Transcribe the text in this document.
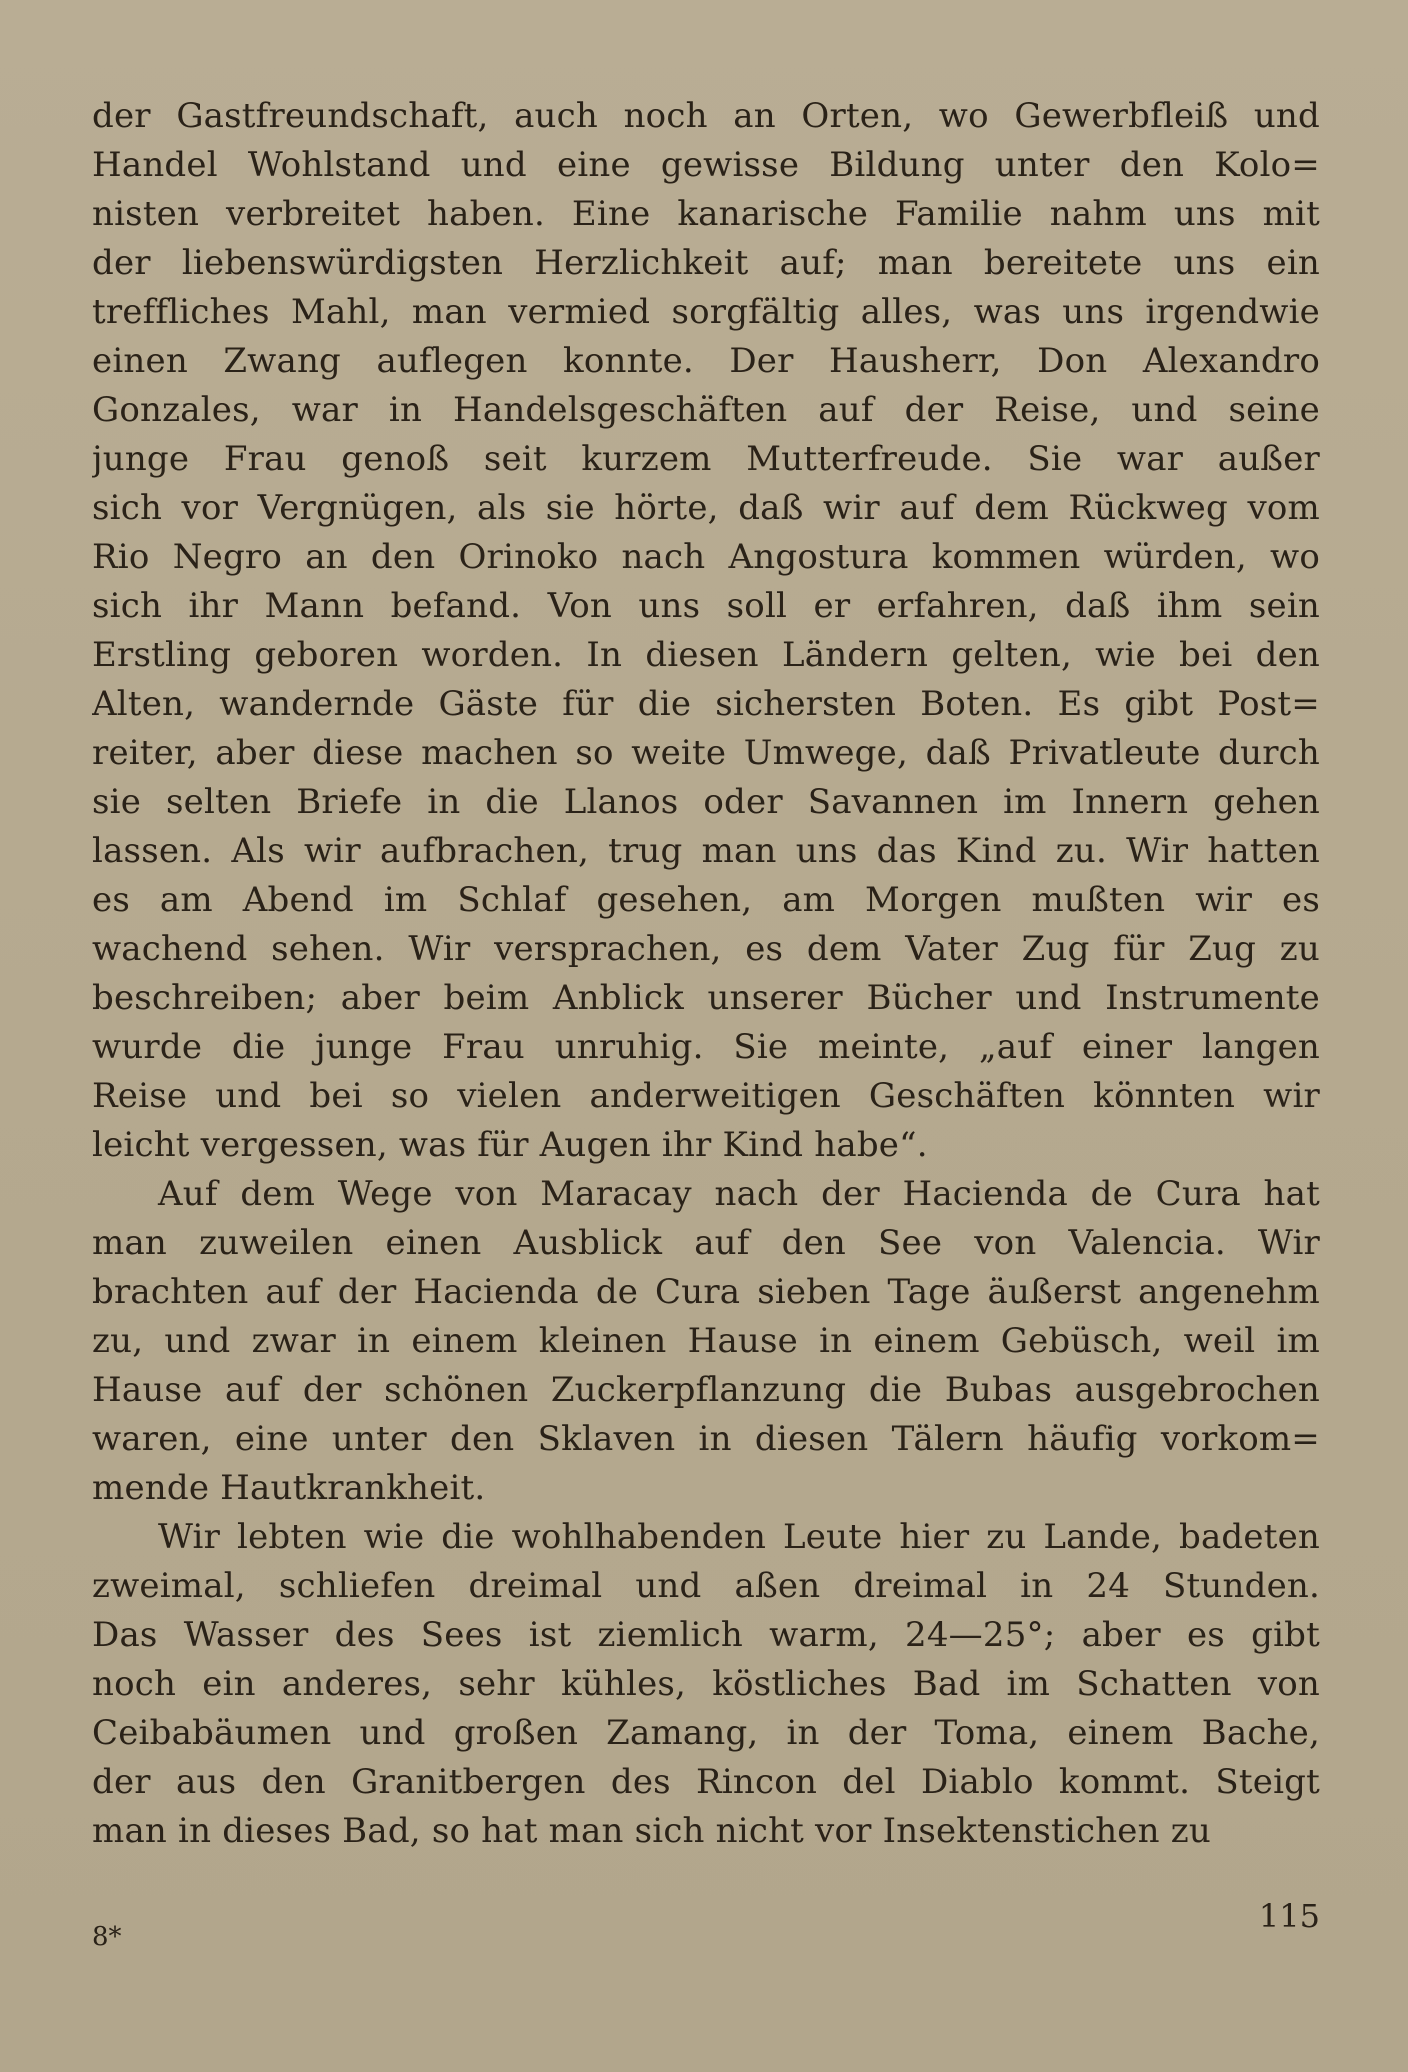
der Gastfreundschaft, auch noch an Orten, wo Gewerbfleiß und
Handel Wohlstand und eine gewisse Bildung unter den Kolo=
nisten verbreitet haben. Eine kanarische Familie nahm uns mit
der liebenswürdigsten Herzlichkeit auf; man bereitete uns ein
treffliches Mahl, man vermied sorgfältig alles, was uns irgendwie
einen Zwang auflegen konnte. Der Hausherr, Don Alexandro
Gonzales, war in Handelsgeschäften auf der Reise, und seine
junge Frau genoß seit kurzem Mutterfreude. Sie war außer
sich vor Vergnügen, als sie hörte, daß wir auf dem Rückweg vom
Rio Negro an den Orinoko nach Angostura kommen würden, wo
sich ihr Mann befand. Von uns soll er erfahren, daß ihm sein
Erstling geboren worden. In diesen Ländern gelten, wie bei den
Alten, wandernde Gäste für die sichersten Boten. Es gibt Post=
reiter, aber diese machen so weite Umwege, daß Privatleute durch
sie selten Briefe in die Llanos oder Savannen im Innern gehen
lassen. Als wir aufbrachen, trug man uns das Kind zu. Wir hatten
es am Abend im Schlaf gesehen, am Morgen mußten wir es
wachend sehen. Wir versprachen, es dem Vater Zug für Zug zu
beschreiben; aber beim Anblick unserer Bücher und Instrumente
wurde die junge Frau unruhig. Sie meinte, „auf einer langen
Reise und bei so vielen anderweitigen Geschäften könnten wir
leicht vergessen, was für Augen ihr Kind habe“.
Auf dem Wege von Maracay nach der Hacienda de Cura hat
man zuweilen einen Ausblick auf den See von Valencia. Wir
brachten auf der Hacienda de Cura sieben Tage äußerst angenehm
zu, und zwar in einem kleinen Hause in einem Gebüsch, weil im
Hause auf der schönen Zuckerpflanzung die Bubas ausgebrochen
waren, eine unter den Sklaven in diesen Tälern häufig vorkom=
mende Hautkrankheit.
Wir lebten wie die wohlhabenden Leute hier zu Lande, badeten
zweimal, schliefen dreimal und aßen dreimal in 24 Stunden.
Das Wasser des Sees ist ziemlich warm, 24—25°; aber es gibt
noch ein anderes, sehr kühles, köstliches Bad im Schatten von
Ceibabäumen und großen Zamang, in der Toma, einem Bache,
der aus den Granitbergen des Rincon del Diablo kommt. Steigt
man in dieses Bad, so hat man sich nicht vor Insektenstichen zu
8*
115
